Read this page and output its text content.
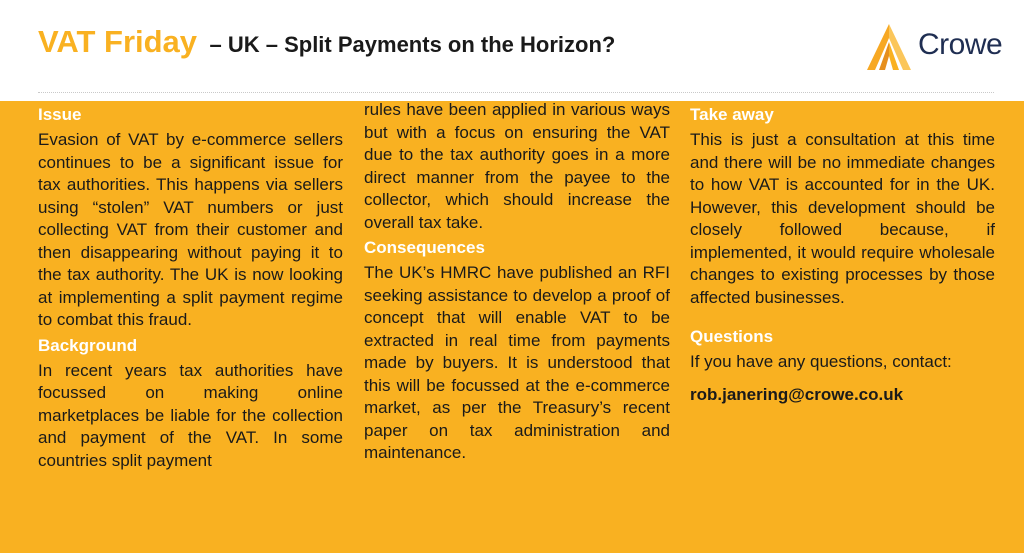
VAT Friday – UK – Split Payments on the Horizon?	Crowe
Issue

Evasion of VAT by e-commerce sellers continues to be a significant issue for tax authorities. This happens via sellers using “stolen” VAT numbers or just collecting VAT from their customer and then disappearing without paying it to the tax authority. The UK is now looking at implementing a split payment regime to combat this fraud.

Background

In recent years tax authorities have focussed on making online marketplaces be liable for the collection and payment of the VAT. In some countries split payment

rules have been applied in various ways but with a focus on ensuring the VAT due to the tax authority goes in a more direct manner from the payee to the collector, which should increase the overall tax take.

Consequences

The UK’s HMRC have published an RFI seeking assistance to develop a proof of concept that will enable VAT to be extracted in real time from payments made by buyers. It is understood that this will be focussed at the e-commerce market, as per the Treasury’s recent paper on tax administration and maintenance.

Take away

This is just a consultation at this time and there will be no immediate changes to how VAT is accounted for in the UK. However, this development should be closely followed because, if implemented, it would require wholesale changes to existing processes by those affected businesses.

Questions

If you have any questions, contact:

rob.janering@crowe.co.uk
